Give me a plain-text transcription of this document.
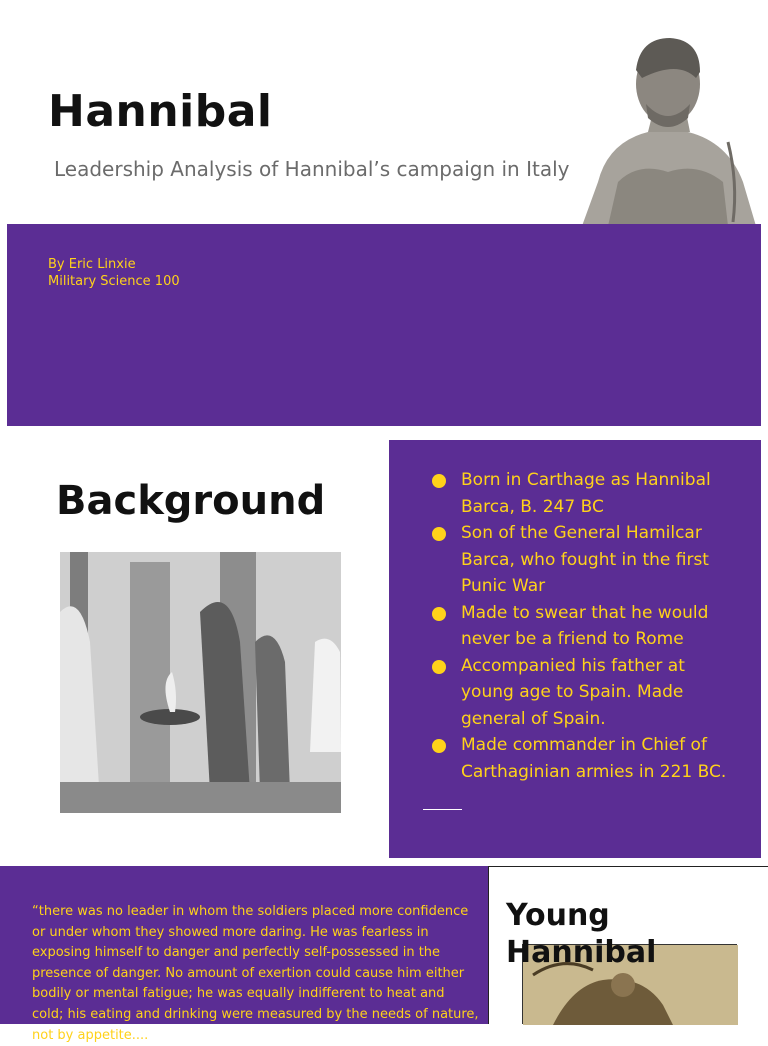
Hannibal
Leadership Analysis of Hannibal’s campaign in Italy
By Eric Linxie
Military Science 100
Background	Born in Carthage as Hannibal Barca, B. 247 BC
Son of the General Hamilcar Barca, who fought in the first Punic War
Made to swear that he would never be a friend to Rome
Accompanied his father at young age to Spain. Made general of Spain.
Made commander in Chief of Carthaginian armies in 221 BC.
“there was no leader in whom the soldiers placed more confidence or under whom they showed more daring. He was fearless in exposing himself to danger and perfectly self-possessed in the presence of danger. No amount of exertion could cause him either bodily or mental fatigue; he was equally indifferent to heat and cold; his eating and drinking were measured by the needs of nature, not by appetite....
Young Hannibal
